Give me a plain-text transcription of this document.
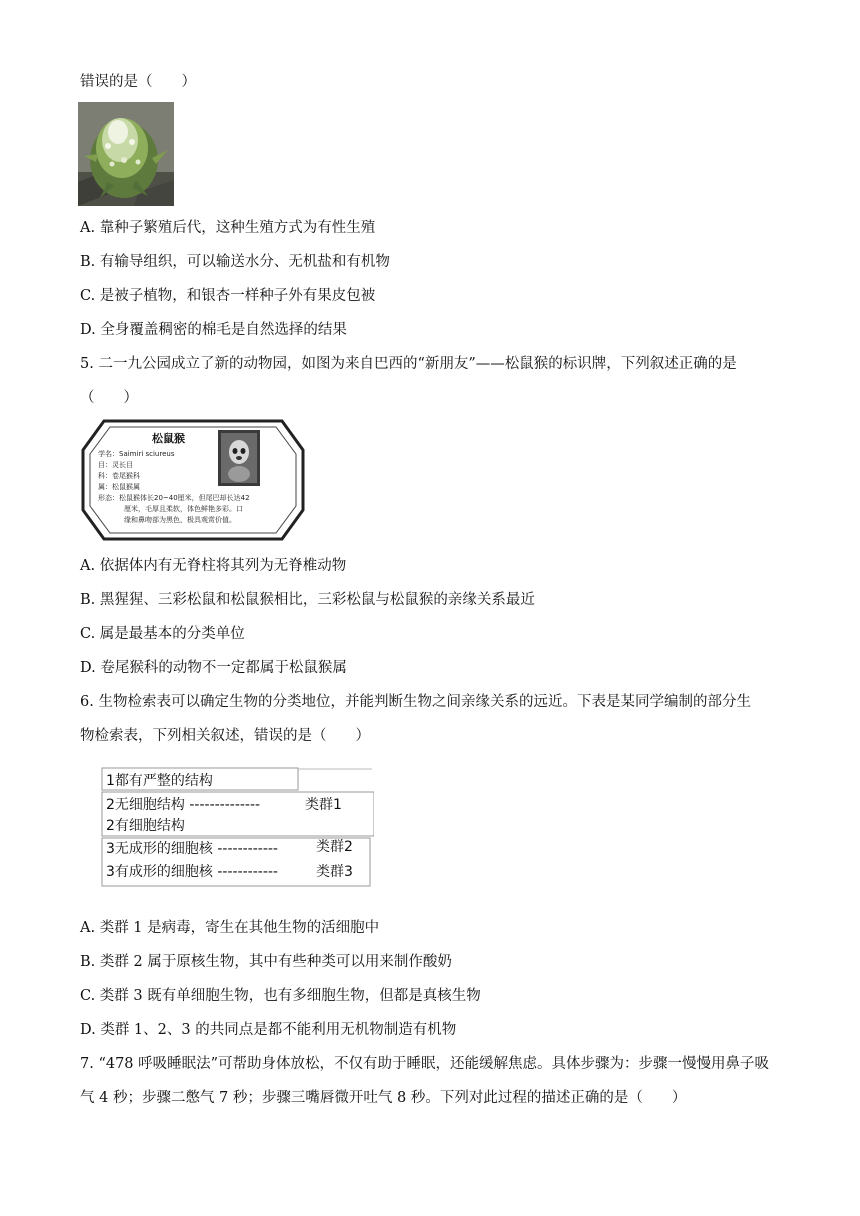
错误的是（　　）
A. 靠种子繁殖后代，这种生殖方式为有性生殖
B. 有输导组织，可以输送水分、无机盐和有机物
C. 是被子植物，和银杏一样种子外有果皮包被
D. 全身覆盖稠密的棉毛是自然选择的结果
5. 二一九公园成立了新的动物园，如图为来自巴西的“新朋友”——松鼠猴的标识牌，下列叙述正确的是
（　　）
松鼠猴
学名：Saimiri sciureus
目：灵长目
科：卷尾猴科
属：松鼠猴属
形态：松鼠猴体长20~40厘米，但尾巴却长达42
厘米，毛厚且柔软，体色鲜艳多彩。口
缘和鼻吻部为黑色，极具观赏价值。
A. 依据体内有无脊柱将其列为无脊椎动物
B. 黑猩猩、三彩松鼠和松鼠猴相比，三彩松鼠与松鼠猴的亲缘关系最近
C. 属是最基本的分类单位
D. 卷尾猴科的动物不一定都属于松鼠猴属
6. 生物检索表可以确定生物的分类地位，并能判断生物之间亲缘关系的远近。下表是某同学编制的部分生
物检索表，下列相关叙述，错误的是（　　）
1都有严整的结构
2无细胞结构 --------------	类群1
2有细胞结构
3无成形的细胞核 ------------	类群2
3有成形的细胞核 ------------	类群3
A. 类群 1 是病毒，寄生在其他生物的活细胞中
B. 类群 2 属于原核生物，其中有些种类可以用来制作酸奶
C. 类群 3 既有单细胞生物，也有多细胞生物，但都是真核生物
D. 类群 1、2、3 的共同点是都不能利用无机物制造有机物
7. “478 呼吸睡眠法”可帮助身体放松，不仅有助于睡眠，还能缓解焦虑。具体步骤为：步骤一慢慢用鼻子吸
气 4 秒；步骤二憋气 7 秒；步骤三嘴唇微开吐气 8 秒。下列对此过程的描述正确的是（　　）
